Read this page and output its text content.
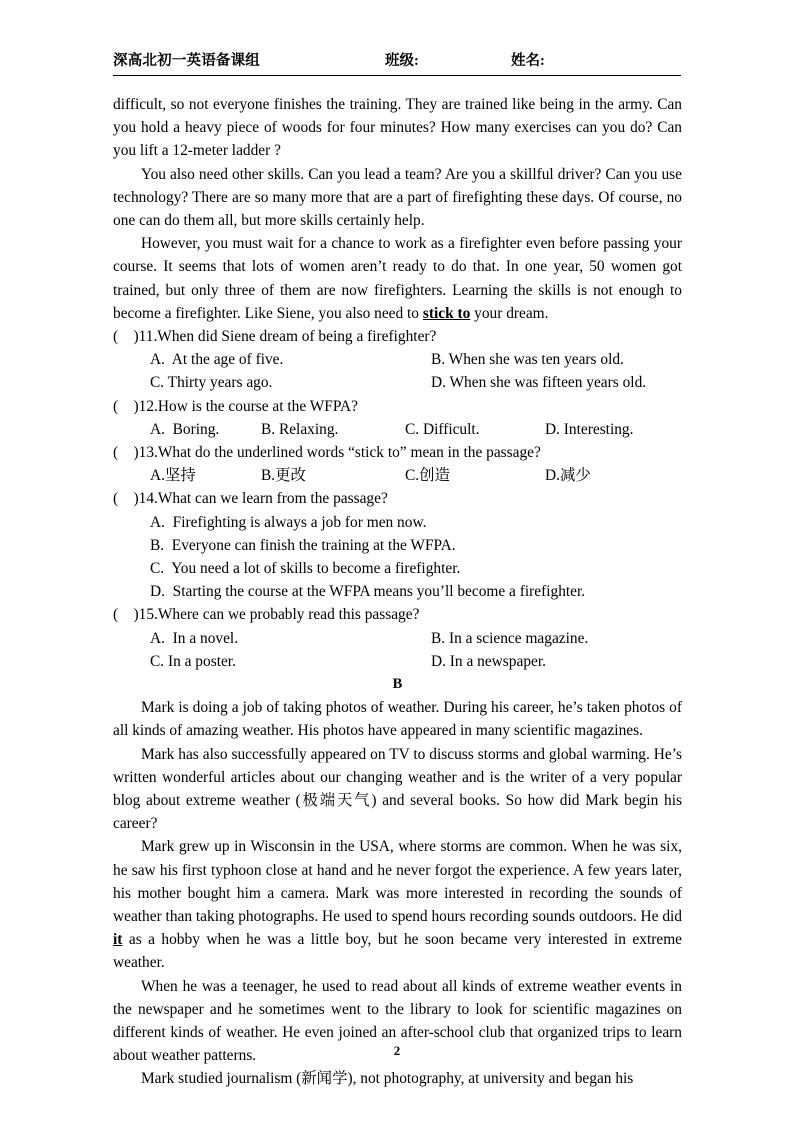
深高北初一英语备课组	班级:	姓名:

difficult, so not everyone finishes the training. They are trained like being in the army. Can you hold a heavy piece of woods for four minutes? How many exercises can you do? Can you lift a 12-meter ladder ?

You also need other skills. Can you lead a team? Are you a skillful driver? Can you use technology? There are so many more that are a part of firefighting these days. Of course, no one can do them all, but more skills certainly help.

However, you must wait for a chance to work as a firefighter even before passing your course. It seems that lots of women aren’t ready to do that. In one year, 50 women got trained, but only three of them are now firefighters. Learning the skills is not enough to become a firefighter. Like Siene, you also need to stick to your dream.

(    )11.When did Siene dream of being a firefighter?

A.  At the age of five.	B. When she was ten years old.
C. Thirty years ago.	D. When she was fifteen years old.

(    )12.How is the course at the WFPA?

A.  Boring.	B. Relaxing.	C. Difficult.	D. Interesting.

(    )13.What do the underlined words “stick to” mean in the passage?

A.坚持	B.更改	C.创造	D.减少

(    )14.What can we learn from the passage?

A.  Firefighting is always a job for men now.

B.  Everyone can finish the training at the WFPA.

C.  You need a lot of skills to become a firefighter.

D.  Starting the course at the WFPA means you’ll become a firefighter.

(    )15.Where can we probably read this passage?

A.  In a novel.	B. In a science magazine.
C. In a poster.	D. In a newspaper.

B

Mark is doing a job of taking photos of weather. During his career, he’s taken photos of all kinds of amazing weather. His photos have appeared in many scientific magazines.

Mark has also successfully appeared on TV to discuss storms and global warming. He’s written wonderful articles about our changing weather and is the writer of a very popular blog about extreme weather (极端天气) and several books. So how did Mark begin his career?

Mark grew up in Wisconsin in the USA, where storms are common. When he was six, he saw his first typhoon close at hand and he never forgot the experience. A few years later, his mother bought him a camera. Mark was more interested in recording the sounds of weather than taking photographs. He used to spend hours recording sounds outdoors. He did it as a hobby when he was a little boy, but he soon became very interested in extreme weather.

When he was a teenager, he used to read about all kinds of extreme weather events in the newspaper and he sometimes went to the library to look for scientific magazines on different kinds of weather. He even joined an after-school club that organized trips to learn about weather patterns.

Mark studied journalism (新闻学), not photography, at university and began his

2
